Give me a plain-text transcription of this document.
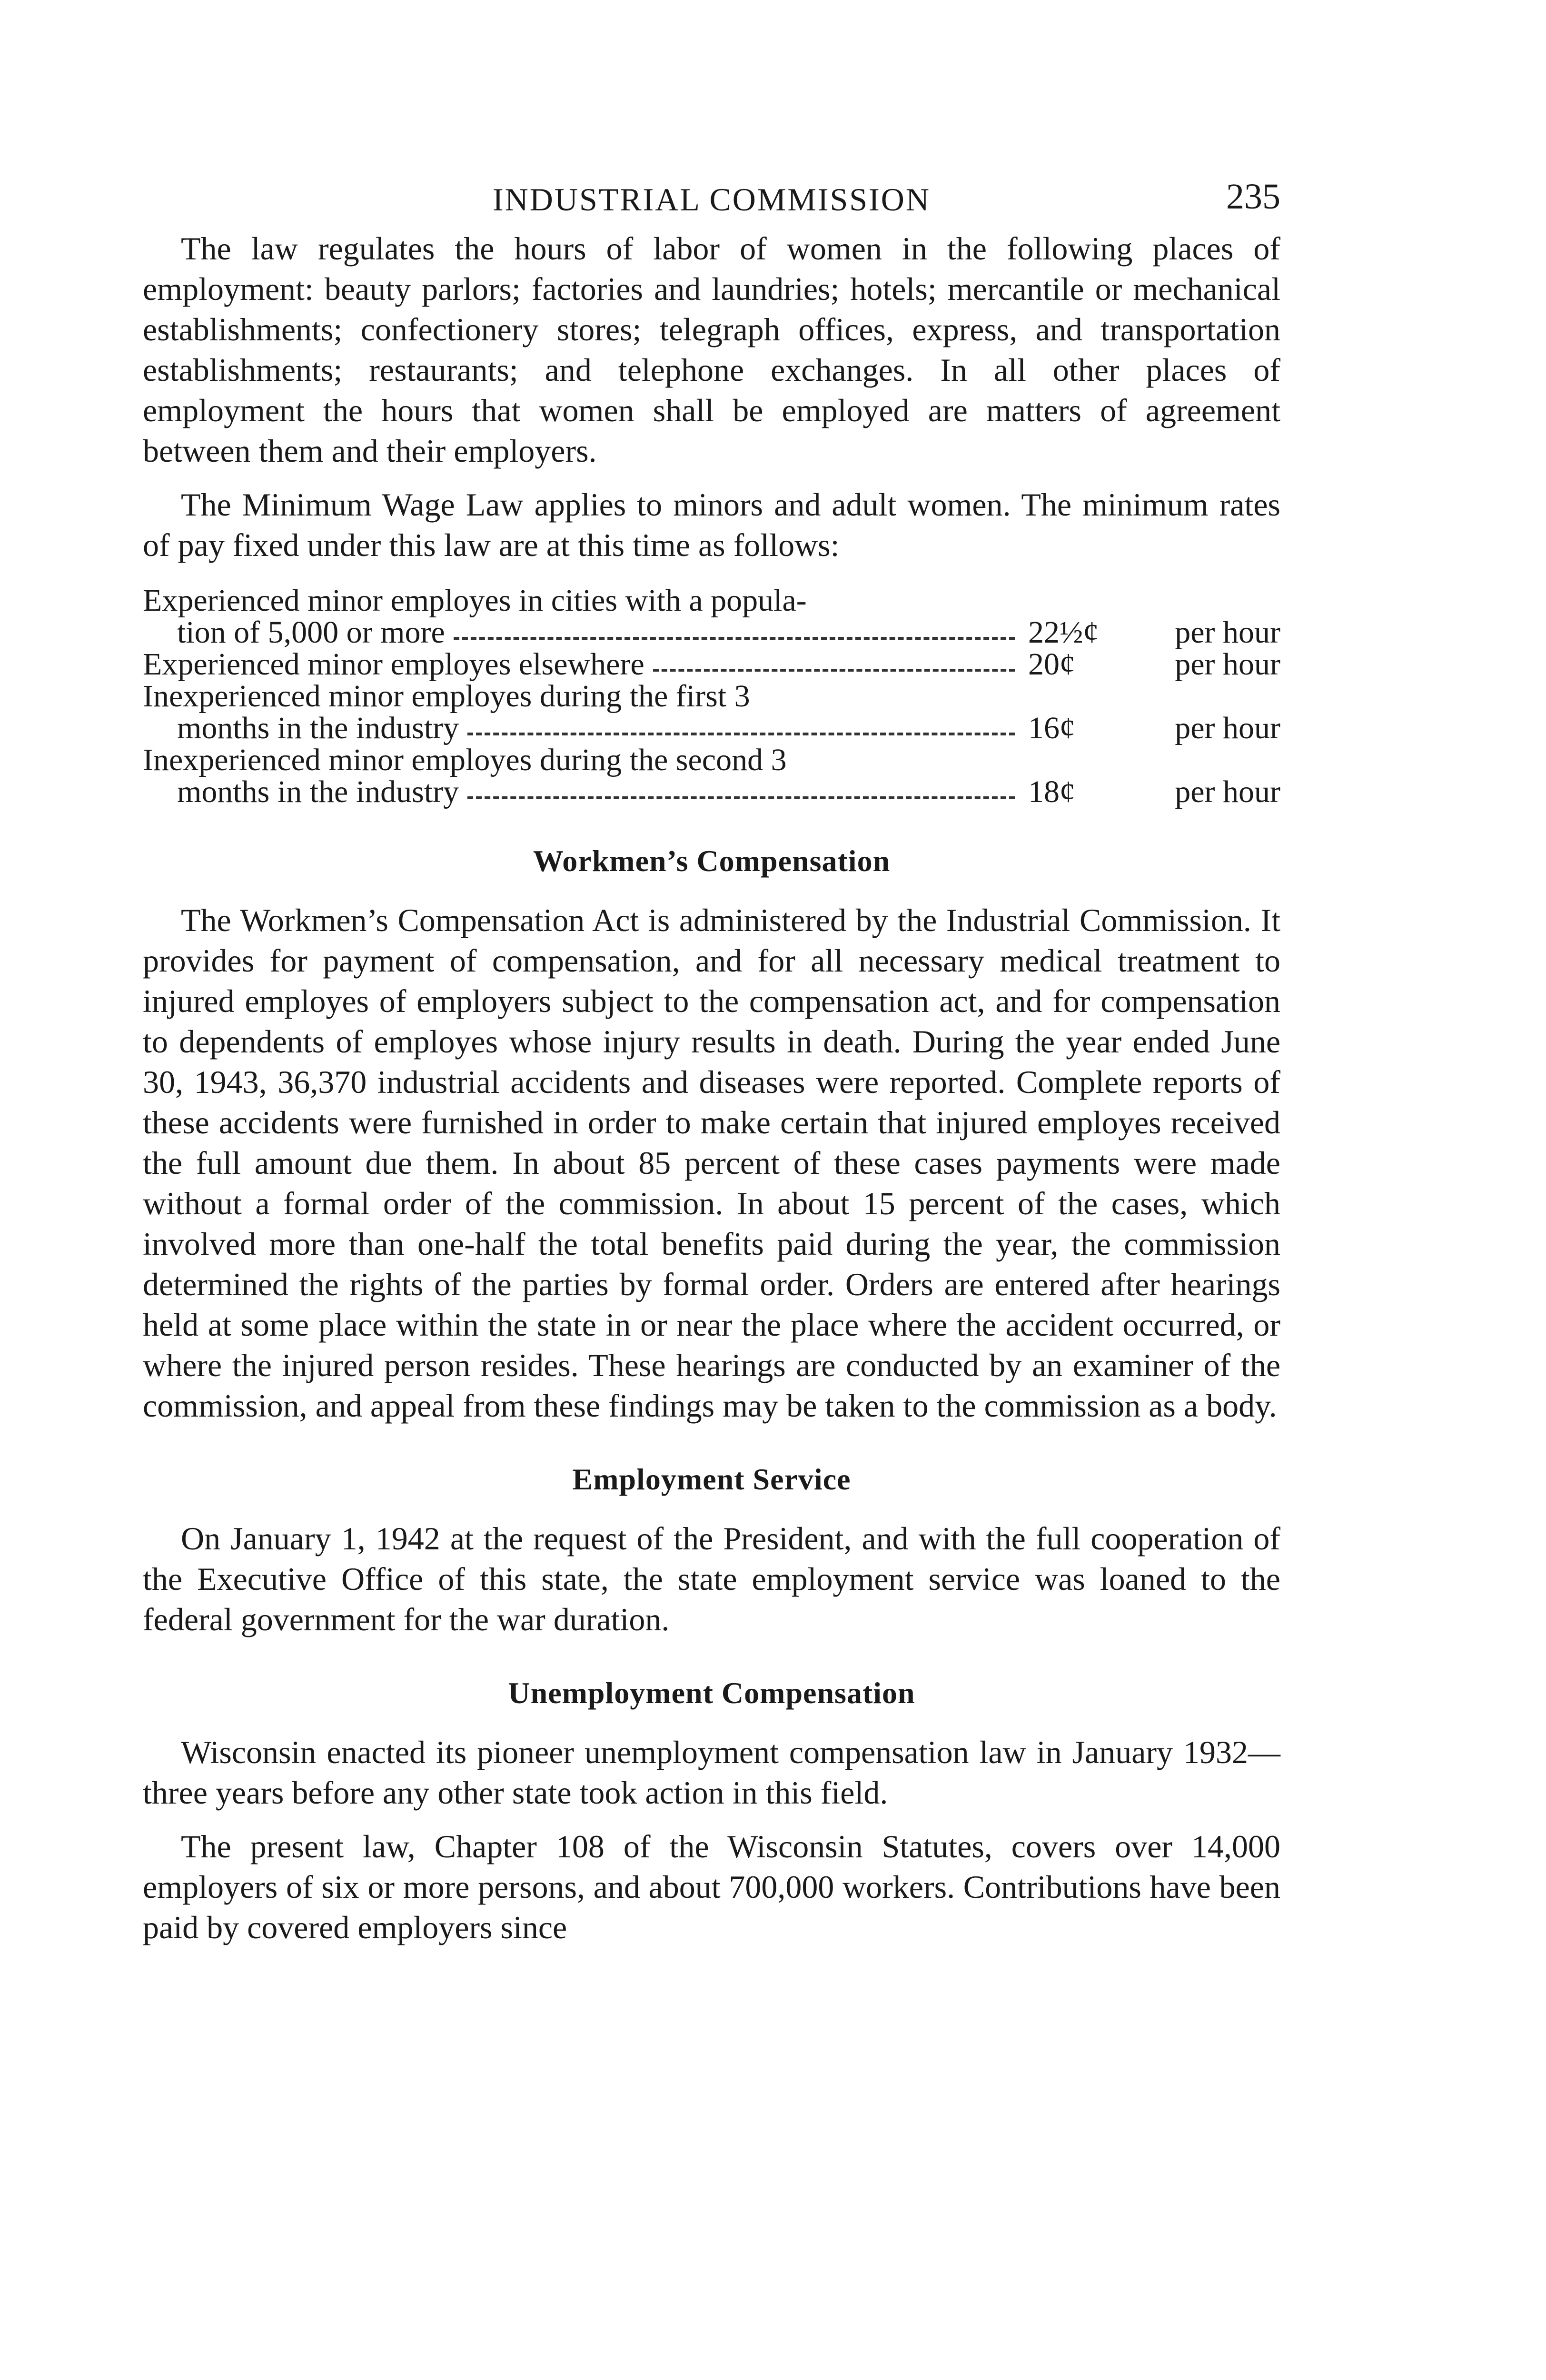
INDUSTRIAL COMMISSION	235

The law regulates the hours of labor of women in the following places of employment: beauty parlors; factories and laundries; hotels; mercantile or mechanical establishments; confectionery stores; telegraph offices, express, and transportation establishments; restaurants; and telephone exchanges. In all other places of employment the hours that women shall be employed are matters of agreement between them and their employers.

The Minimum Wage Law applies to minors and adult women. The minimum rates of pay fixed under this law are at this time as follows:

Experienced minor employes in cities with a popula-
tion of 5,000 or more	22½¢	per hour
Experienced minor employes elsewhere	20¢	per hour
Inexperienced minor employes during the first 3
months in the industry	16¢	per hour
Inexperienced minor employes during the second 3
months in the industry	18¢	per hour
Workmen’s Compensation

The Workmen’s Compensation Act is administered by the Industrial Commission. It provides for payment of compensation, and for all necessary medical treatment to injured employes of employers subject to the compensation act, and for compensation to dependents of employes whose injury results in death. During the year ended June 30, 1943, 36,370 industrial accidents and diseases were reported. Complete reports of these accidents were furnished in order to make certain that injured employes received the full amount due them. In about 85 percent of these cases payments were made without a formal order of the commission. In about 15 percent of the cases, which involved more than one-half the total benefits paid during the year, the commission determined the rights of the parties by formal order. Orders are entered after hearings held at some place within the state in or near the place where the accident occurred, or where the injured person resides. These hearings are conducted by an examiner of the commission, and appeal from these findings may be taken to the commission as a body.

Employment Service

On January 1, 1942 at the request of the President, and with the full cooperation of the Executive Office of this state, the state employment service was loaned to the federal government for the war duration.

Unemployment Compensation

Wisconsin enacted its pioneer unemployment compensation law in January 1932—three years before any other state took action in this field.

The present law, Chapter 108 of the Wisconsin Statutes, covers over 14,000 employers of six or more persons, and about 700,000 workers. Contributions have been paid by covered employers since
